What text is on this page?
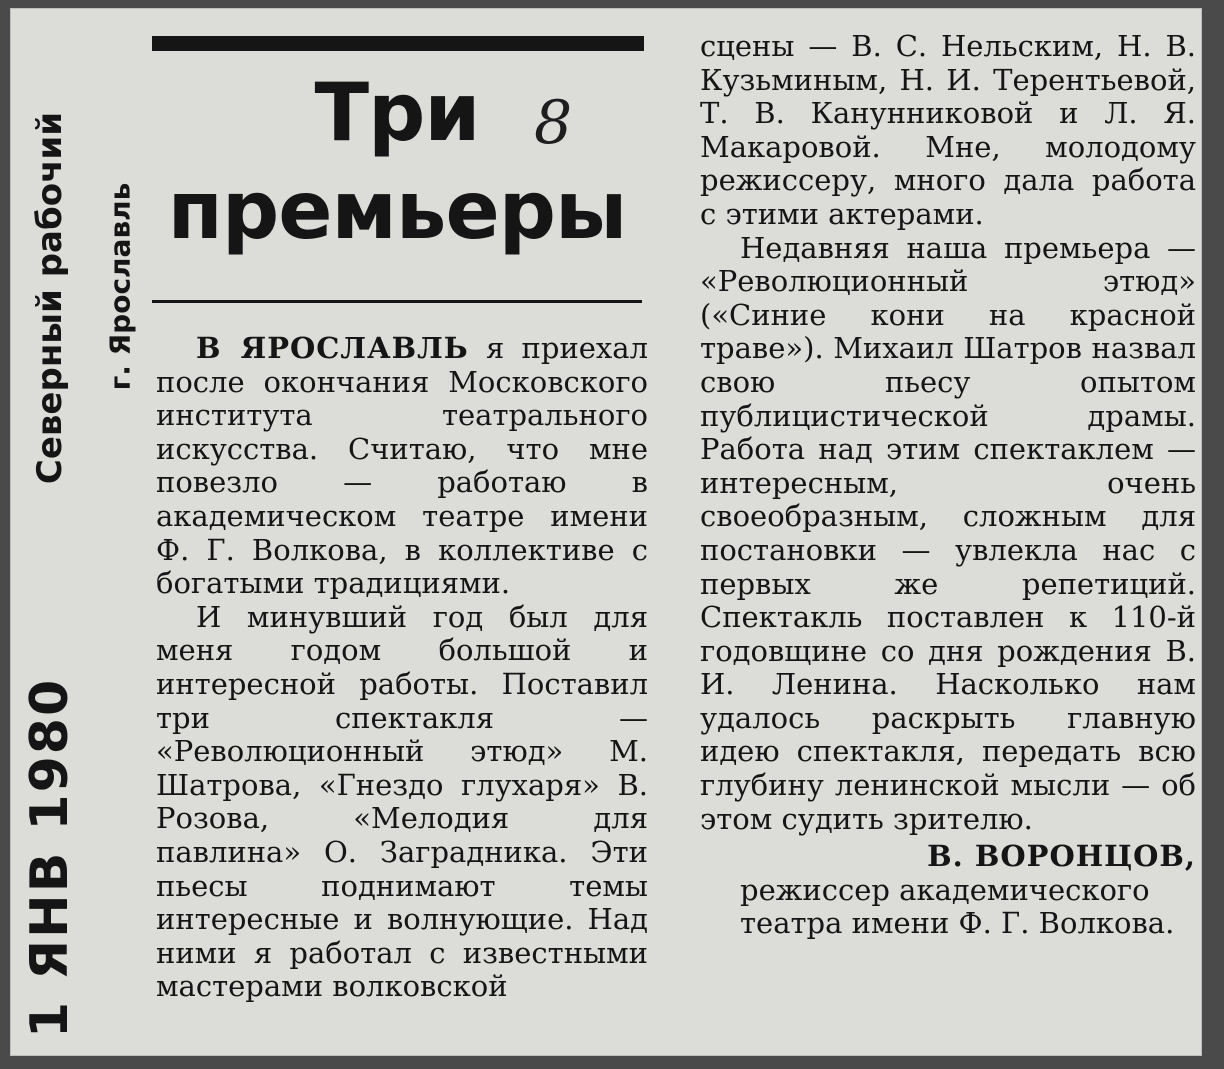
Северный рабочий
1 ЯНВ 1980
г. Ярославль
Три
премьеры
8

В ЯРОСЛАВЛЬ я приехал после окончания Московского института театрального искусства. Считаю, что мне повезло — работаю в академическом театре имени Ф. Г. Волкова, в коллективе с богатыми традициями.

И минувший год был для меня годом большой и интересной работы. Поставил три спектакля — «Революционный этюд» М. Шатрова, «Гнездо глухаря» В. Розова, «Мелодия для павлина» О. Заградника. Эти пьесы поднимают темы интересные и волнующие. Над ними я работал с известными мастерами волковской

сцены — В. С. Нельским, Н. В. Кузьминым, Н. И. Терентьевой, Т. В. Канунниковой и Л. Я. Макаровой. Мне, молодому режиссеру, много дала работа с этими актерами.

Недавняя наша премьера — «Революционный этюд» («Синие кони на красной траве»). Михаил Шатров назвал свою пьесу опытом публицистической драмы. Работа над этим спектаклем — интересным, очень своеобразным, сложным для постановки — увлекла нас с первых же репетиций. Спектакль поставлен к 110-й годовщине со дня рождения В. И. Ленина. Насколько нам удалось раскрыть главную идею спектакля, передать всю глубину ленинской мысли — об этом судить зрителю.

В. ВОРОНЦОВ,
режиссер академического театра имени Ф. Г. Волкова.
